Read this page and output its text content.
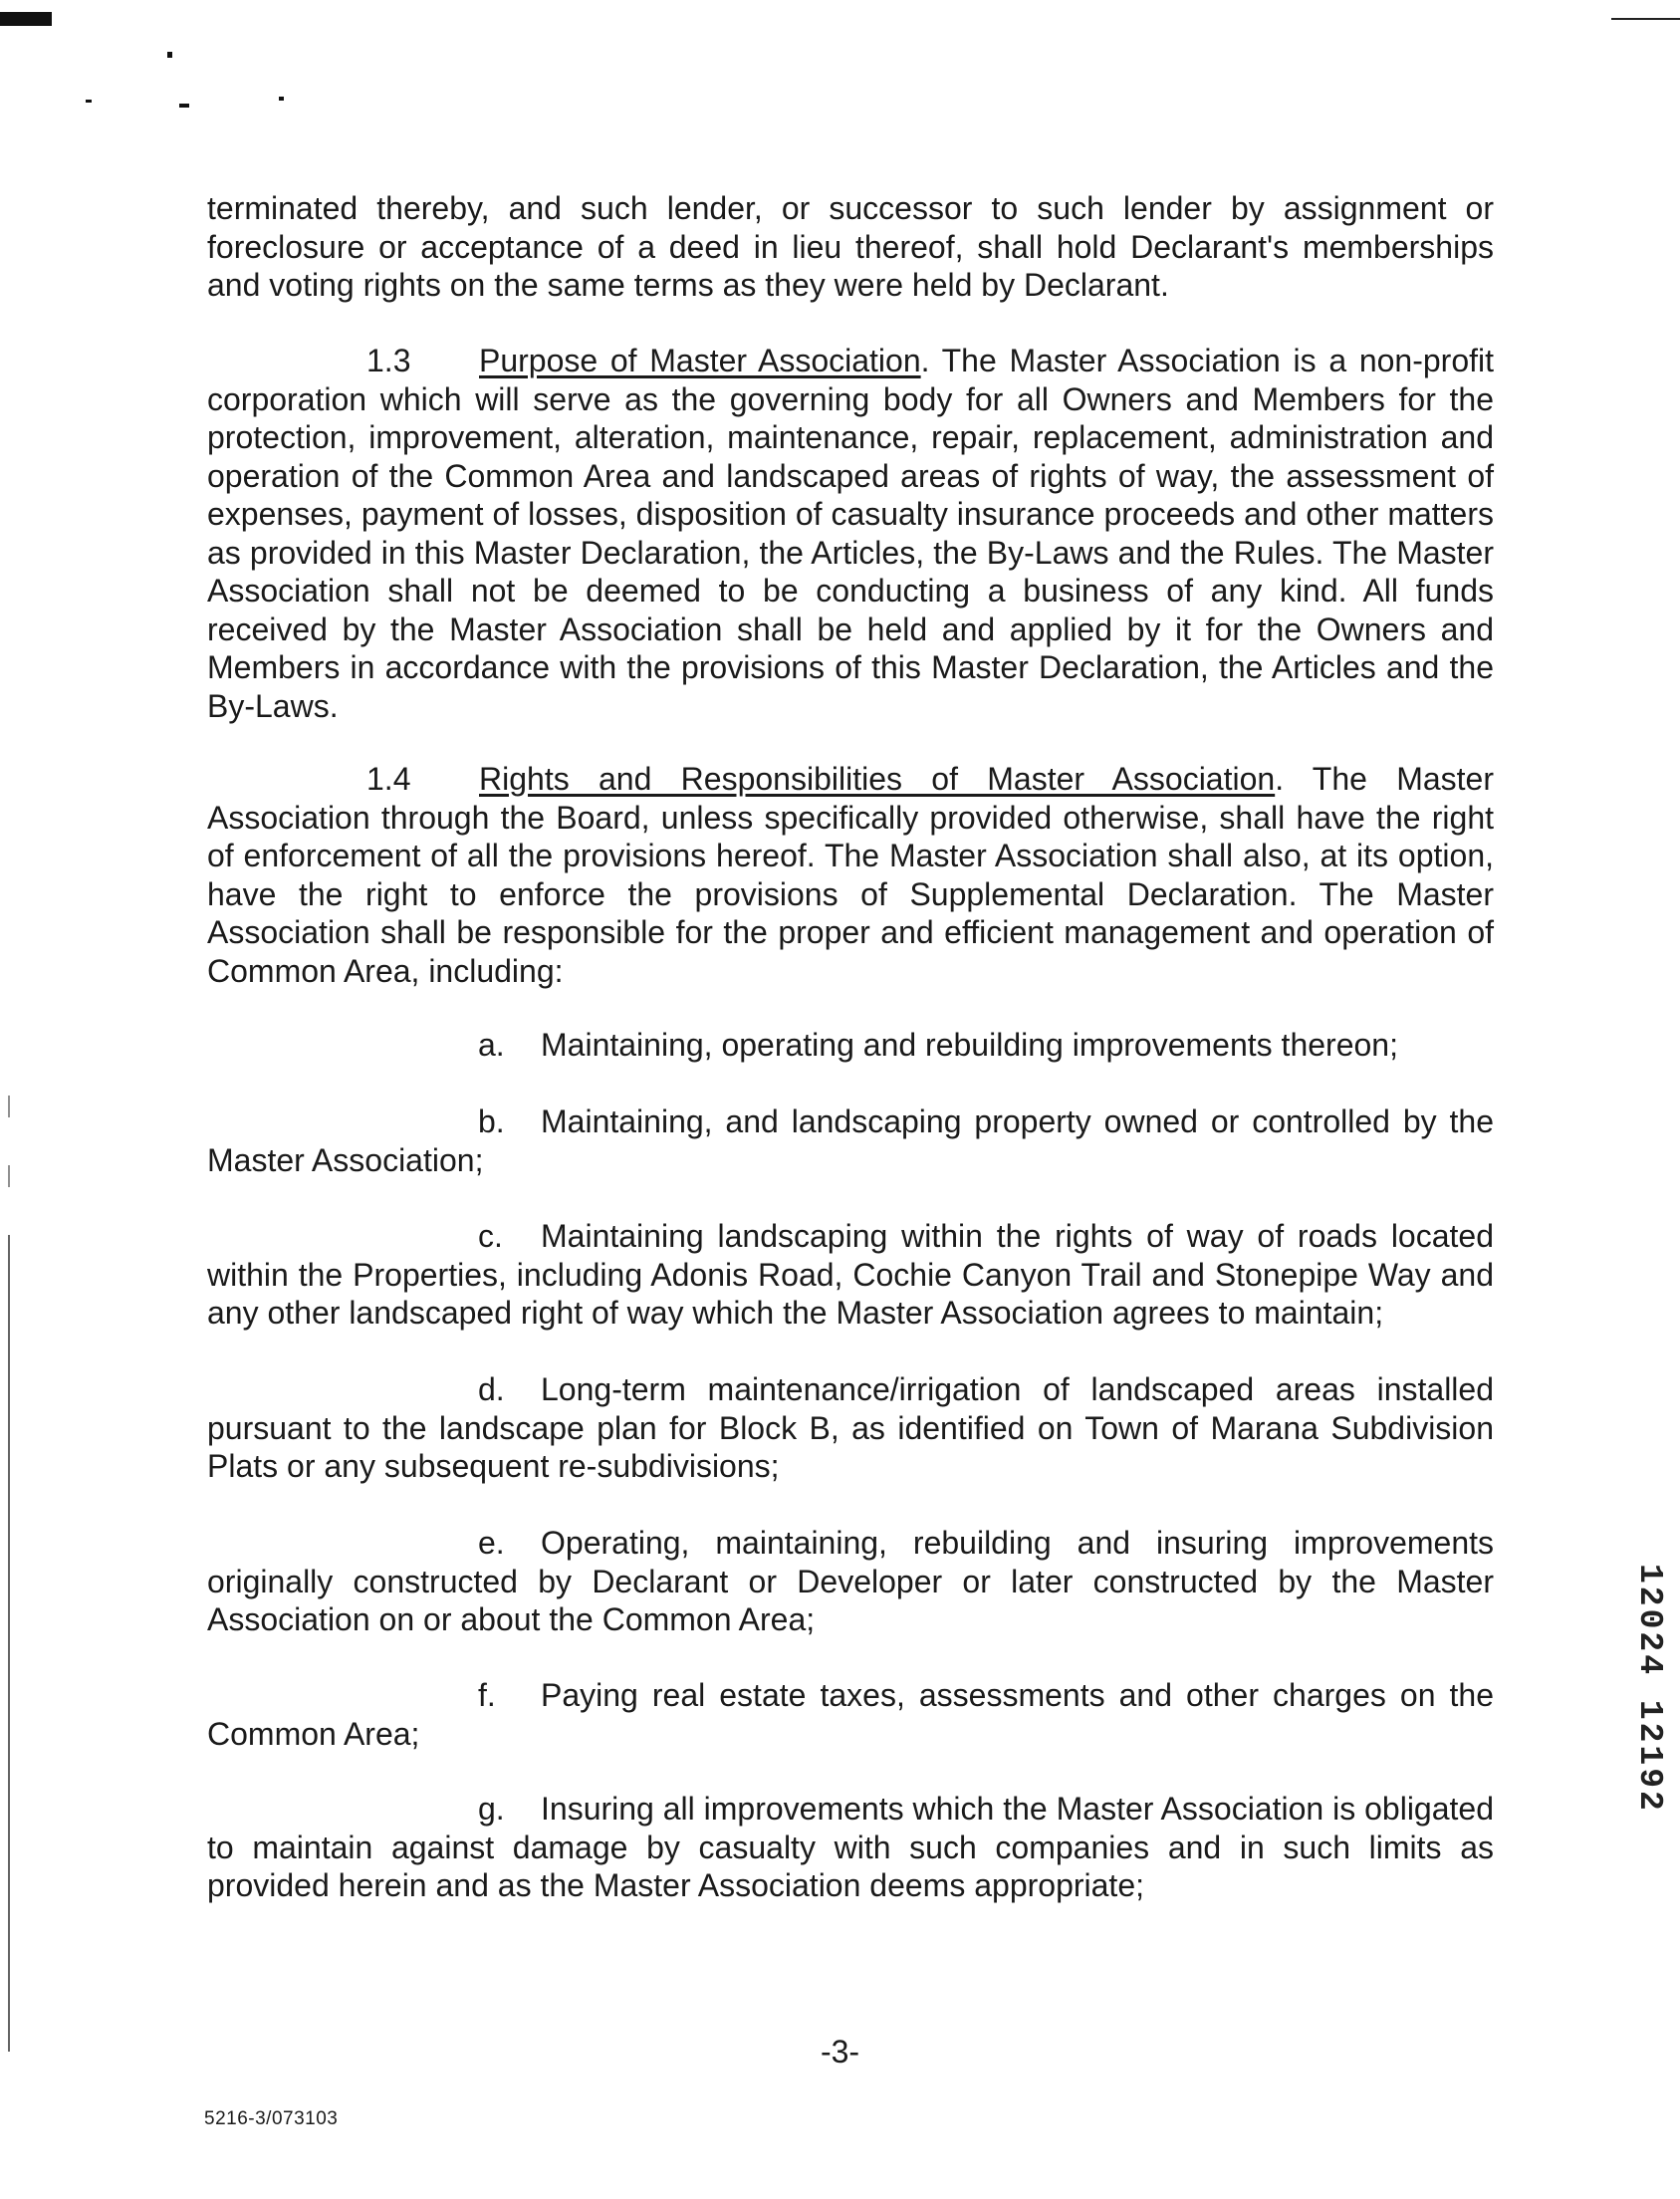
terminated thereby, and such lender, or successor to such lender by assignment or foreclosure or acceptance of a deed in lieu thereof, shall hold Declarant's memberships and voting rights on the same terms as they were held by Declarant.

1.3 Purpose of Master Association. The Master Association is a non-profit corporation which will serve as the governing body for all Owners and Members for the protection, improvement, alteration, maintenance, repair, replacement, administration and operation of the Common Area and landscaped areas of rights of way, the assessment of expenses, payment of losses, disposition of casualty insurance proceeds and other matters as provided in this Master Declaration, the Articles, the By-Laws and the Rules. The Master Association shall not be deemed to be conducting a business of any kind. All funds received by the Master Association shall be held and applied by it for the Owners and Members in accordance with the provisions of this Master Declaration, the Articles and the By-Laws.

1.4 Rights and Responsibilities of Master Association. The Master Association through the Board, unless specifically provided otherwise, shall have the right of enforcement of all the provisions hereof. The Master Association shall also, at its option, have the right to enforce the provisions of Supplemental Declaration. The Master Association shall be responsible for the proper and efficient management and operation of Common Area, including:

a. Maintaining, operating and rebuilding improvements thereon;

b. Maintaining, and landscaping property owned or controlled by the Master Association;

c. Maintaining landscaping within the rights of way of roads located within the Properties, including Adonis Road, Cochie Canyon Trail and Stonepipe Way and any other landscaped right of way which the Master Association agrees to maintain;

d. Long-term maintenance/irrigation of landscaped areas installed pursuant to the landscape plan for Block B, as identified on Town of Marana Subdivision Plats or any subsequent re-subdivisions;

e. Operating, maintaining, rebuilding and insuring improvements originally constructed by Declarant or Developer or later constructed by the Master Association on or about the Common Area;

f. Paying real estate taxes, assessments and other charges on the Common Area;

g. Insuring all improvements which the Master Association is obligated to maintain against damage by casualty with such companies and in such limits as provided herein and as the Master Association deems appropriate;

-3-
5216-3/073103
12024 12192
